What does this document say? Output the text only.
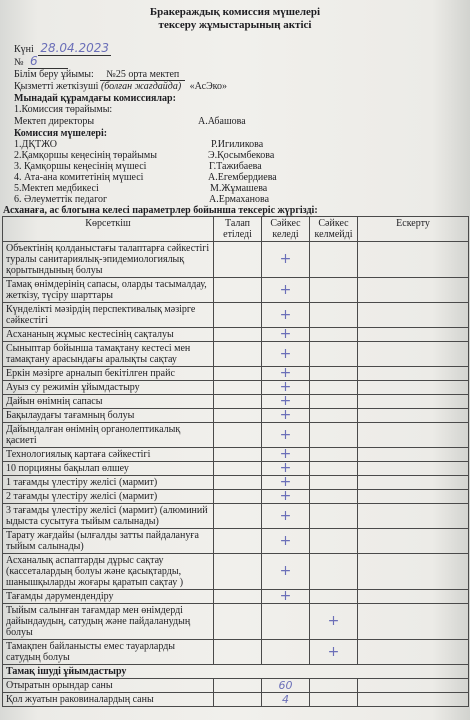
Бракераждық комиссия мүшелері
тексеру жұмыстарының актісі
Күні 28.04.2023
№ 6
Білім беру ұйымы: №25 орта мектеп
Қызметті жеткізуші (болған жағдайда) «АсЭко»
Мынадай құрамдағы комиссиялар:
1.Комиссия төрайымы:
Мектеп директоры	А.Абашова
Комиссия мүшелері:
1.ДҚТЖО	Р.Игиликова
2.Қамқоршы кеңесінің төрайымы	Э.Қосымбекова
3. Қамқоршы кеңесінің мүшесі	Г.Тажибаева
4. Ата-ана комитетінің мүшесі	А.Егембердиева
5.Мектеп медбикесі	М.Жұмашева
6. Әлеуметтік педагог	А.Ермаханова
Асханаға, ас блогына келесі параметрлер бойынша тексеріс жүргізді:
Көрсеткіш	Талап етіледі	Сәйкес келеді	Сәйкес келмейді	Ескерту
Объектінің қолданыстағы талаптарға сәйкестігі туралы санитариялық-эпидемиологиялық қорытындының болуы		+		
Тамақ өнімдерінің сапасы, оларды тасымалдау, жеткізу, түсіру шарттары		+		
Күнделікті мәзірдің перспективалық мәзірге сәйкестігі		+		
Асхананың жұмыс кестесінің сақталуы		+		
Сыныптар бойынша тамақтану кестесі мен тамақтану арасындағы аралықты сақтау		+		
Еркін мәзірге арналып бекітілген прайс		+		
Ауыз су режимін ұйымдастыру		+		
Дайын өнімнің сапасы		+		
Бақылаудағы тағамның болуы		+		
Дайындалған өнімнің органолептикалық қасиеті		+		
Технологиялық картаға сәйкестігі		+		
10 порцияны бақылап өлшеу		+		
1 тағамды үлестіру желісі (мармит)		+		
2 тағамды үлестіру желісі (мармит)		+		
3 тағамды үлестіру желісі (мармит) (алюминий ыдыста сусытуға тыйым салынады)		+		
Тарату жағдайы (ылғалды затты пайдалануға тыйым салынады)		+		
Асханалық аспаптарды дұрыс сақтау (кассеталардың болуы және қасықтарды, шанышқыларды жоғары қаратып сақтау )		+		
Тағамды дәрумендендіру		+		
Тыйым салынған тағамдар мен өнімдерді дайындаудың, сатудың және пайдаланудың болуы			+	
Тамақпен байланысты емес тауарларды сатудың болуы			+	
Тамақ ішуді ұйымдастыру				
Отыратын орындар саны		60		
Қол жуатын раковиналардың саны		4		
